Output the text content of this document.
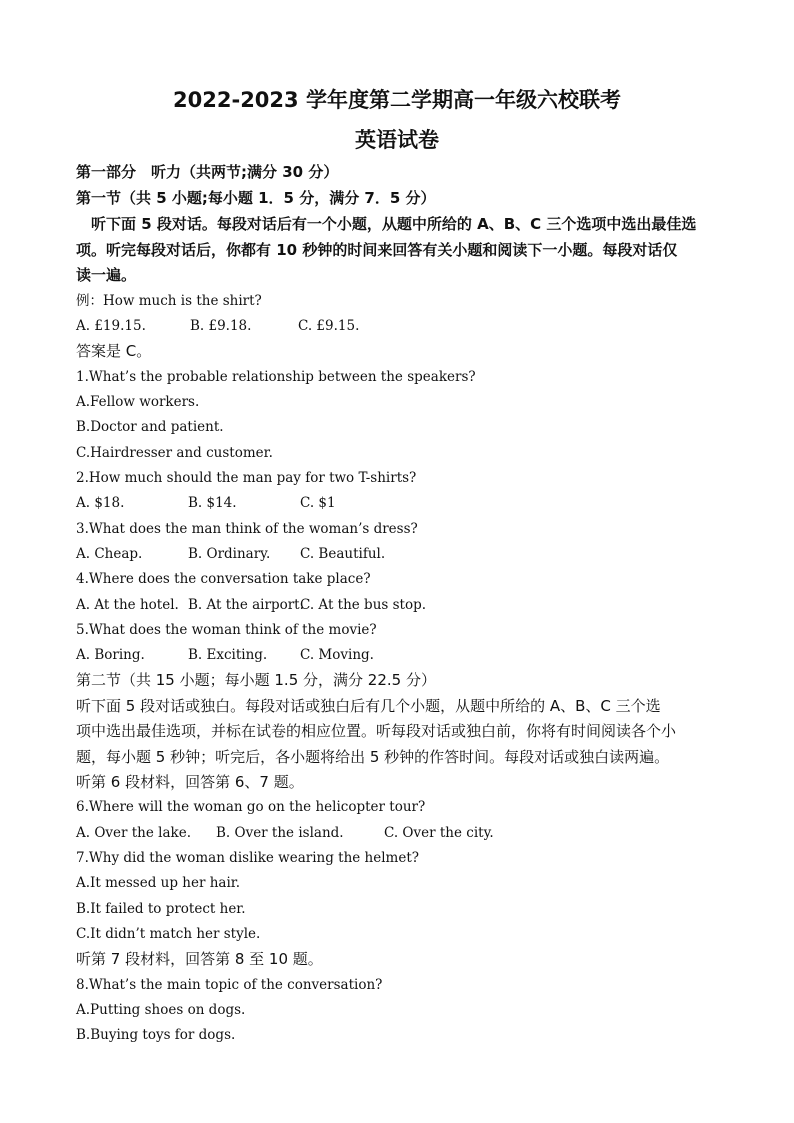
2022-2023 学年度第二学期高一年级六校联考
英语试卷
第一部分　听力（共两节;满分 30 分）
第一节（共 5 小题;每小题 1．5 分，满分 7．5 分）
　听下面 5 段对话。每段对话后有一个小题，从题中所给的 A、B、C 三个选项中选出最佳选
项。听完每段对话后，你都有 10 秒钟的时间来回答有关小题和阅读下一小题。每段对话仅
读一遍。
例：How much is the shirt?
A. £19.15.	B. £9.18.	C. £9.15.
答案是 C。
1.What’s the probable relationship between the speakers?
A.Fellow workers.
B.Doctor and patient.
C.Hairdresser and customer.
2.How much should the man pay for two T-shirts?
A. $18.	B. $14.	C. $1
3.What does the man think of the woman’s dress?
A. Cheap.	B. Ordinary. C. Beautiful.
4.Where does the conversation take place?
A. At the hotel. B. At the airport.
C. At the bus stop.
5.What does the woman think of the movie?
A. Boring.	B. Exciting. C. Moving.
第二节（共 15 小题；每小题 1.5 分，满分 22.5 分）
听下面 5 段对话或独白。每段对话或独白后有几个小题，从题中所给的 A、B、C 三个选
项中选出最佳选项，并标在试卷的相应位置。听每段对话或独白前，你将有时间阅读各个小
题，每小题 5 秒钟；听完后，各小题将给出 5 秒钟的作答时间。每段对话或独白读两遍。
听第 6 段材料，回答第 6、7 题。
6.Where will the woman go on the helicopter tour?
A. Over the lake. B. Over the island.	C. Over the city.
7.Why did the woman dislike wearing the helmet?
A.It messed up her hair.
B.It failed to protect her.
C.It didn’t match her style.
听第 7 段材料，回答第 8 至 10 题。
8.What’s the main topic of the conversation?
A.Putting shoes on dogs.
B.Buying toys for dogs.
